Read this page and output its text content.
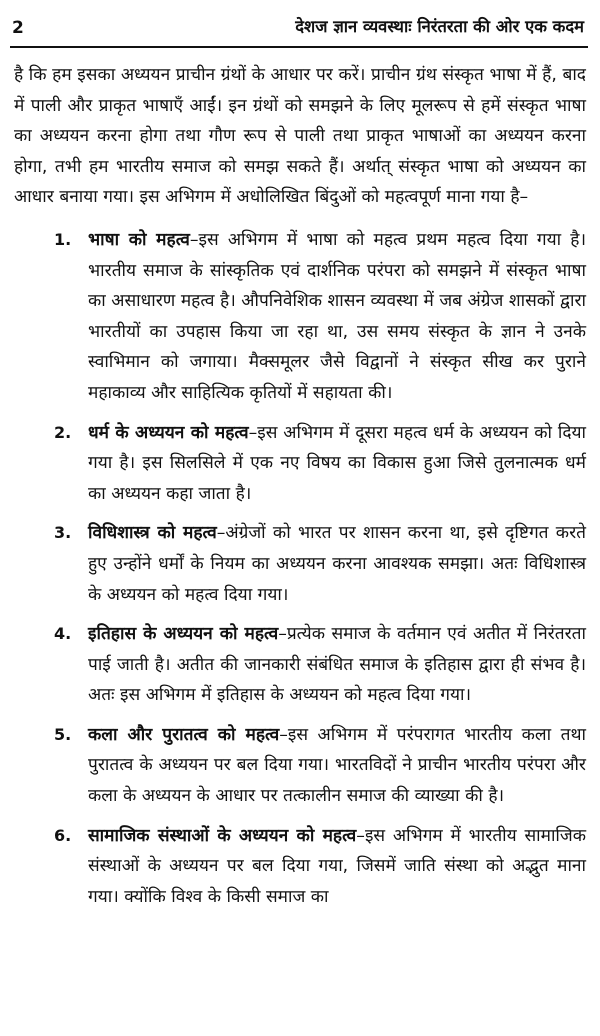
2	देशज ज्ञान व्यवस्थाः निरंतरता की ओर एक कदम

है कि हम इसका अध्ययन प्राचीन ग्रंथों के आधार पर करें। प्राचीन ग्रंथ संस्कृत भाषा में हैं, बाद में पाली और प्राकृत भाषाएँ आईं। इन ग्रंथों को समझने के लिए मूलरूप से हमें संस्कृत भाषा का अध्ययन करना होगा तथा गौण रूप से पाली तथा प्राकृत भाषाओं का अध्ययन करना होगा, तभी हम भारतीय समाज को समझ सकते हैं। अर्थात् संस्कृत भाषा को अध्ययन का आधार बनाया गया। इस अभिगम में अधोलिखित बिंदुओं को महत्वपूर्ण माना गया है–

1. भाषा को महत्व–इस अभिगम में भाषा को महत्व प्रथम महत्व दिया गया है। भारतीय समाज के सांस्कृतिक एवं दार्शनिक परंपरा को समझने में संस्कृत भाषा का असाधारण महत्व है। औपनिवेशिक शासन व्यवस्था में जब अंग्रेज शासकों द्वारा भारतीयों का उपहास किया जा रहा था, उस समय संस्कृत के ज्ञान ने उनके स्वाभिमान को जगाया। मैक्समूलर जैसे विद्वानों ने संस्कृत सीख कर पुराने महाकाव्य और साहित्यिक कृतियों में सहायता की।
2. धर्म के अध्ययन को महत्व–इस अभिगम में दूसरा महत्व धर्म के अध्ययन को दिया गया है। इस सिलसिले में एक नए विषय का विकास हुआ जिसे तुलनात्मक धर्म का अध्ययन कहा जाता है।
3. विधिशास्त्र को महत्व–अंग्रेजों को भारत पर शासन करना था, इसे दृष्टिगत करते हुए उन्होंने धर्मों के नियम का अध्ययन करना आवश्यक समझा। अतः विधिशास्त्र के अध्ययन को महत्व दिया गया।
4. इतिहास के अध्ययन को महत्व–प्रत्येक समाज के वर्तमान एवं अतीत में निरंतरता पाई जाती है। अतीत की जानकारी संबंधित समाज के इतिहास द्वारा ही संभव है। अतः इस अभिगम में इतिहास के अध्ययन को महत्व दिया गया।
5. कला और पुरातत्व को महत्व–इस अभिगम में परंपरागत भारतीय कला तथा पुरातत्व के अध्ययन पर बल दिया गया। भारतविदों ने प्राचीन भारतीय परंपरा और कला के अध्ययन के आधार पर तत्कालीन समाज की व्याख्या की है।
6. सामाजिक संस्थाओं के अध्ययन को महत्व–इस अभिगम में भारतीय सामाजिक संस्थाओं के अध्ययन पर बल दिया गया, जिसमें जाति संस्था को अद्भुत माना गया। क्योंकि विश्व के किसी समाज का
